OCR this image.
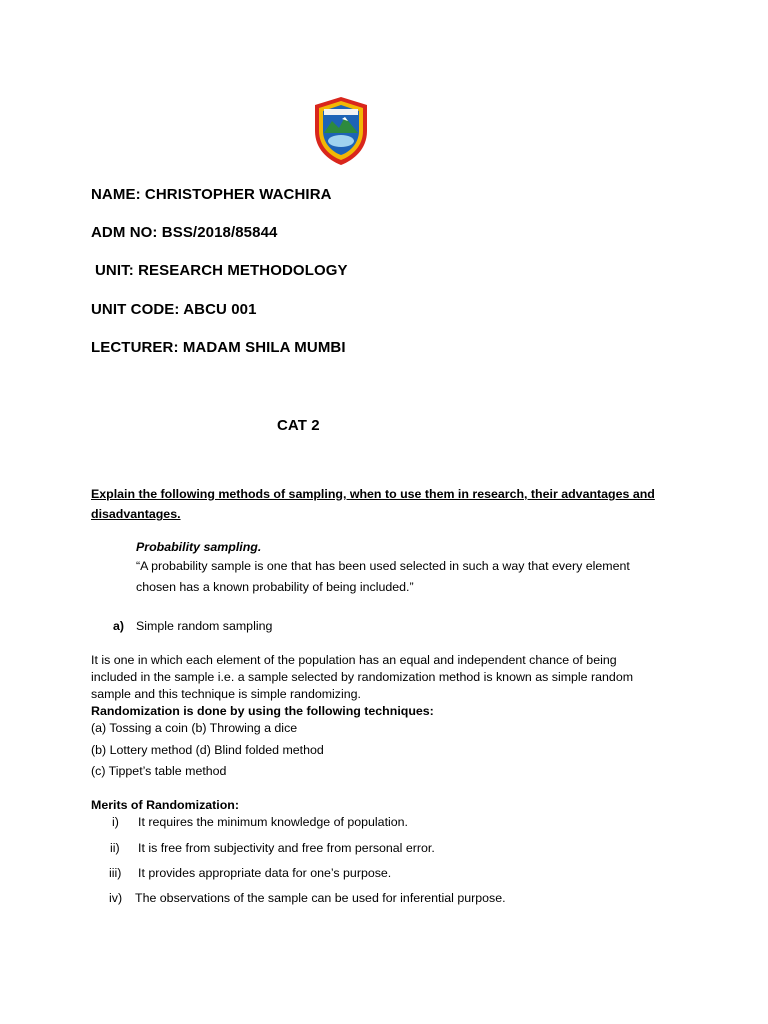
NAME: CHRISTOPHER WACHIRA
ADM NO: BSS/2018/85844
UNIT: RESEARCH METHODOLOGY
UNIT CODE: ABCU 001
LECTURER: MADAM SHILA MUMBI
CAT 2
Explain the following methods of sampling, when to use them in research, their advantages and
disadvantages.
Probability sampling.
“A probability sample is one that has been used selected in such a way that every element
chosen has a known probability of being included.”
a) Simple random sampling
It is one in which each element of the population has an equal and independent chance of being
included in the sample i.e. a sample selected by randomization method is known as simple random
sample and this technique is simple randomizing.
Randomization is done by using the following techniques:
(a) Tossing a coin (b) Throwing a dice
(b) Lottery method (d) Blind folded method
(c) Tippet’s table method
Merits of Randomization:
i) It requires the minimum knowledge of population.
ii) It is free from subjectivity and free from personal error.
iii) It provides appropriate data for one’s purpose.
iv) The observations of the sample can be used for inferential purpose.
